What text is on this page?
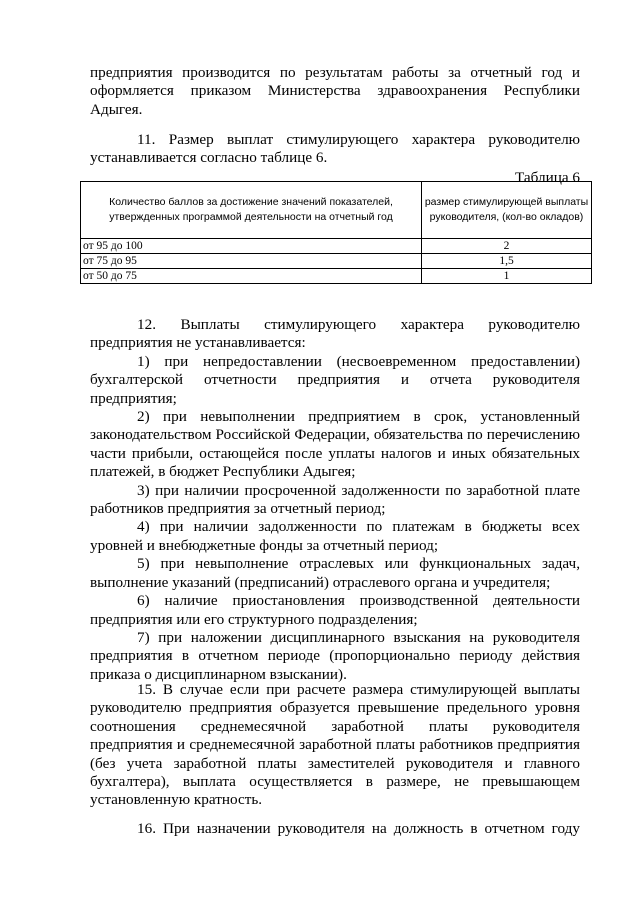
предприятия производится по результатам работы за отчетный год и оформляется приказом Министерства здравоохранения Республики Адыгея.
11. Размер выплат стимулирующего характера руководителю устанавливается согласно таблице 6.
Таблица 6
Количество баллов за достижение значений показателей, утвержденных программой деятельности на отчетный год	размер стимулирующей выплаты руководителя, (кол-во окладов)
от 95 до 100	2
от 75 до 95	1,5
от 50 до 75	1
12. Выплаты стимулирующего характера руководителю предприятия не устанавливается:
1) при непредоставлении (несвоевременном предоставлении) бухгалтерской отчетности предприятия и отчета руководителя предприятия;
2) при невыполнении предприятием в срок, установленный законодательством Российской Федерации, обязательства по перечислению части прибыли, остающейся после уплаты налогов и иных обязательных платежей, в бюджет Республики Адыгея;
3) при наличии просроченной задолженности по заработной плате работников предприятия за отчетный период;
4) при наличии задолженности по платежам в бюджеты всех уровней и внебюджетные фонды за отчетный период;
5) при невыполнение отраслевых или функциональных задач, выполнение указаний (предписаний) отраслевого органа и учредителя;
6) наличие приостановления производственной деятельности предприятия или его структурного подразделения;
7) при наложении дисциплинарного взыскания на руководителя предприятия в отчетном периоде (пропорционально периоду действия приказа о дисциплинарном взыскании).
15. В случае если при расчете размера стимулирующей выплаты руководителю предприятия образуется превышение предельного уровня соотношения среднемесячной заработной платы руководителя предприятия и среднемесячной заработной платы работников предприятия (без учета заработной платы заместителей руководителя и главного бухгалтера), выплата осуществляется в размере, не превышающем установленную кратность.
16. При назначении руководителя на должность в отчетном году
